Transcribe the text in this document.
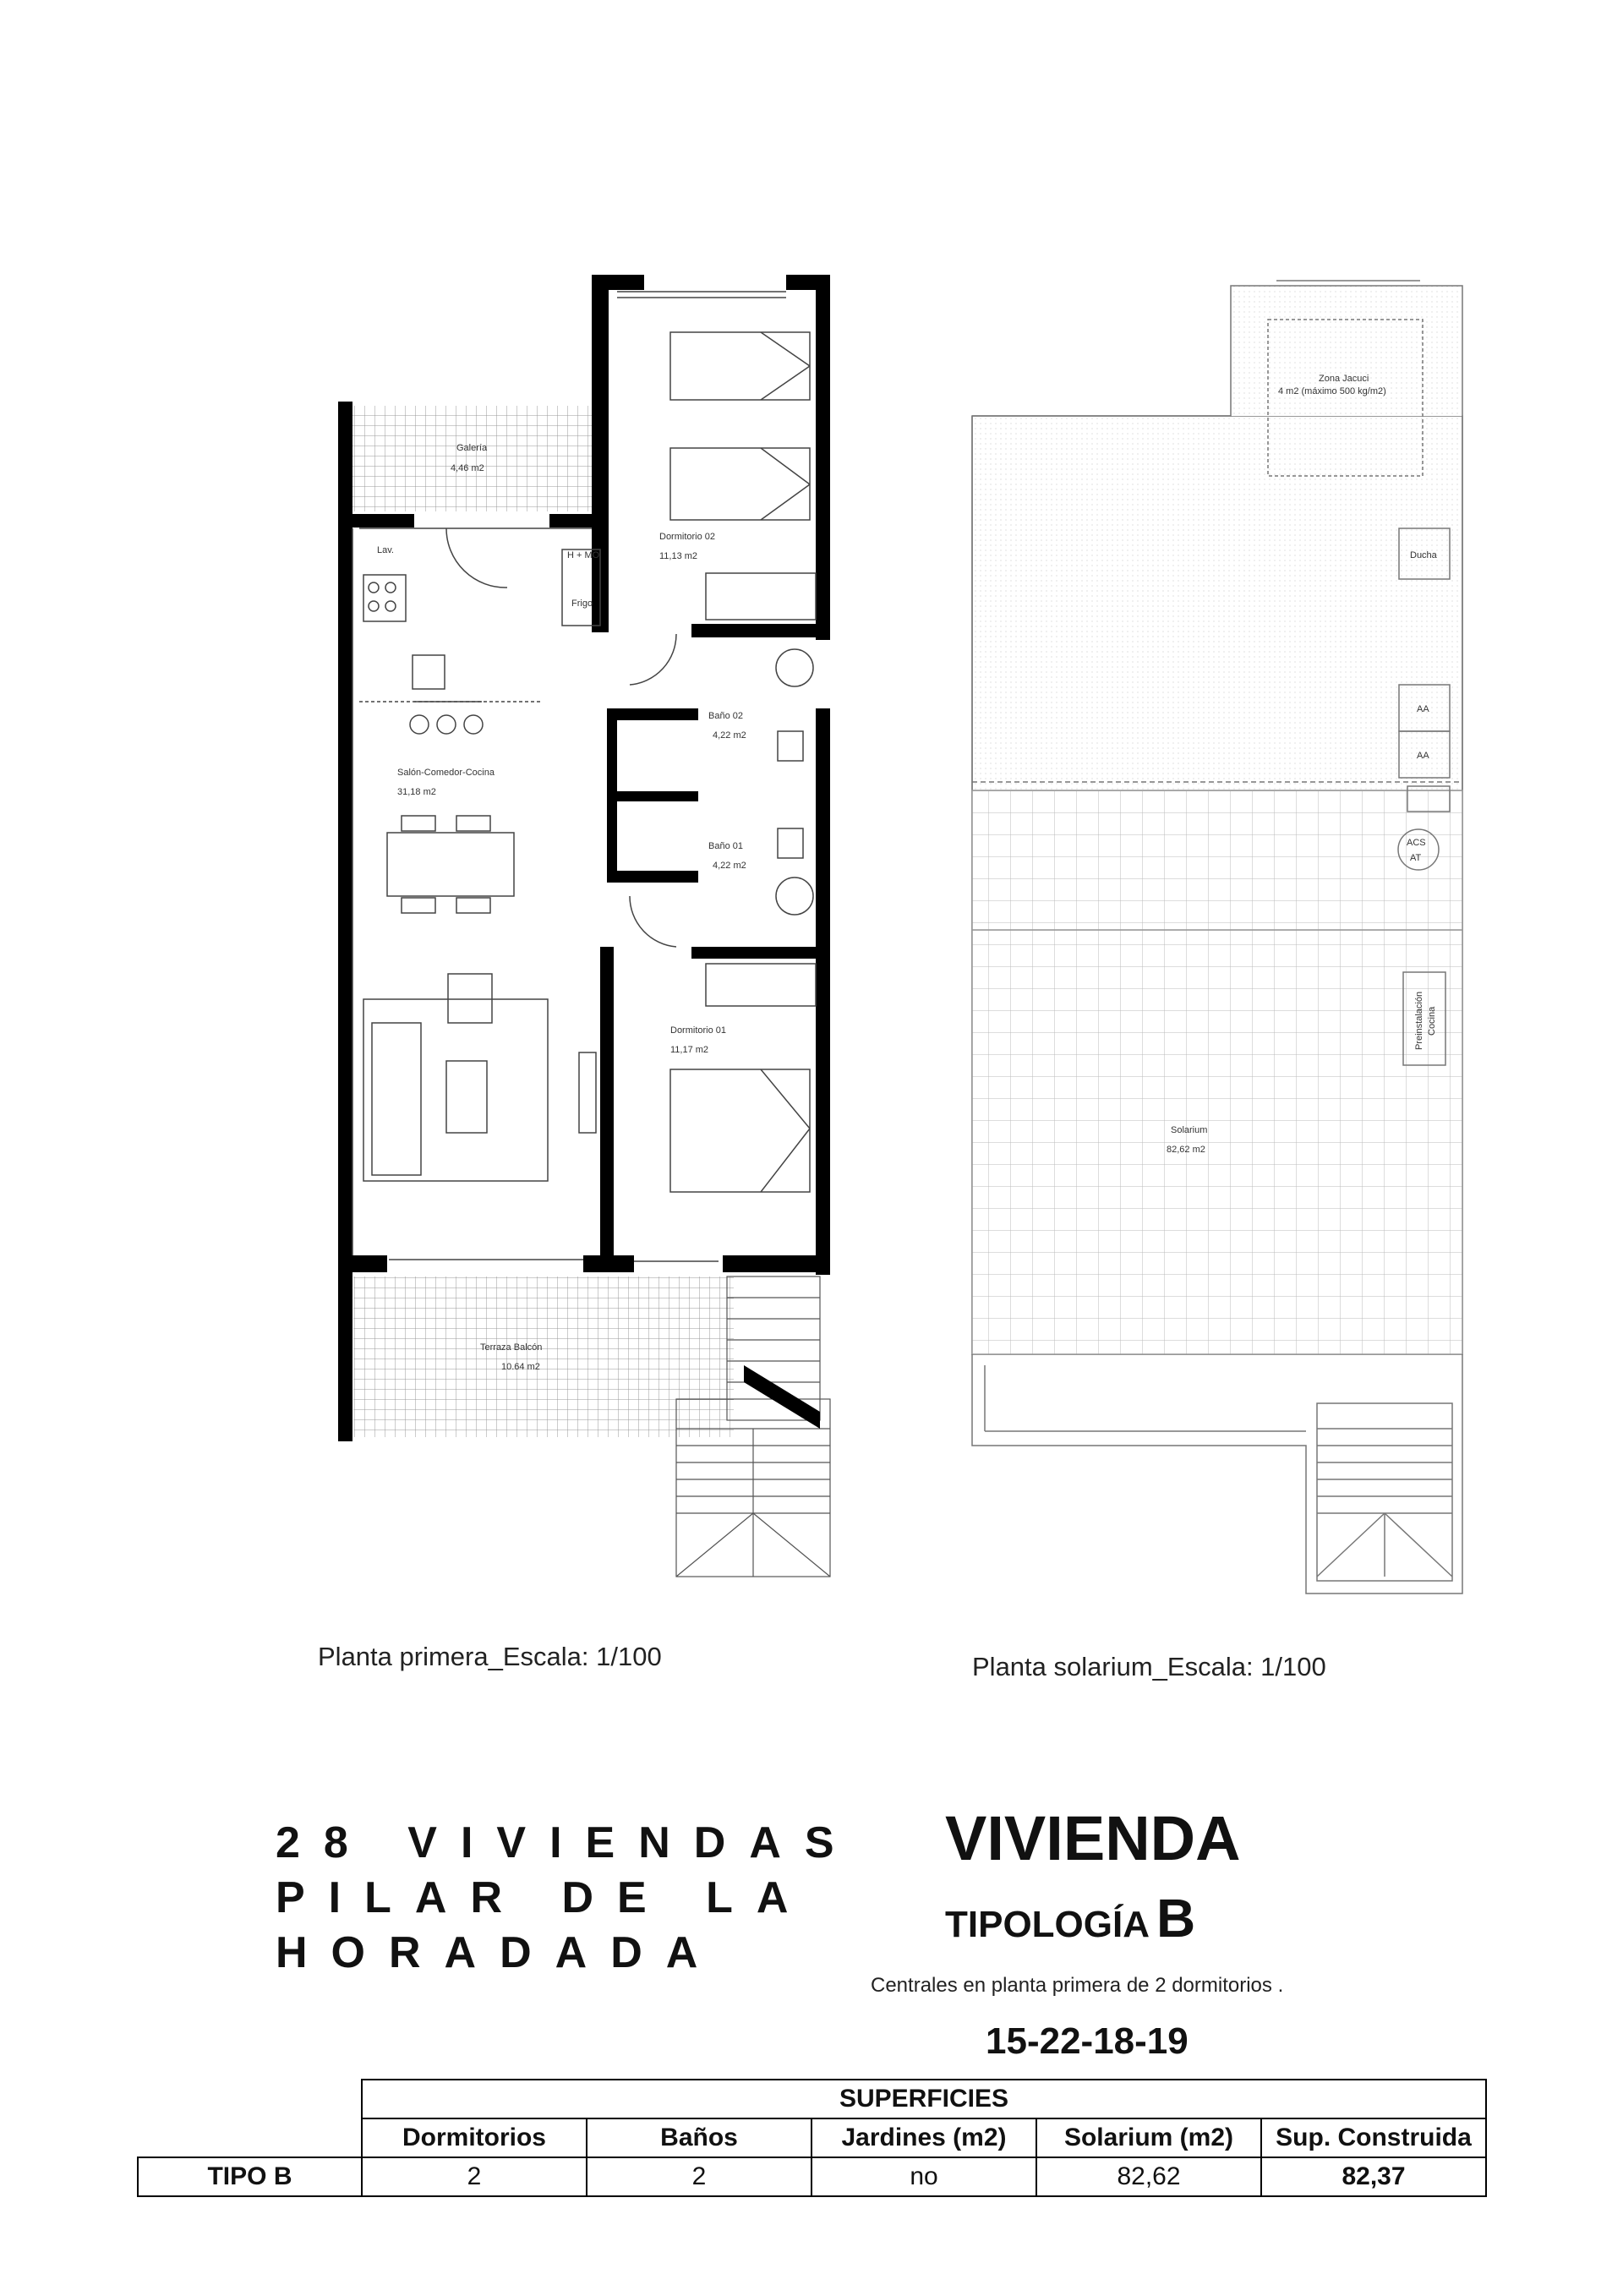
Galería
4,46 m2
Dormitorio 02
11,13 m2
Salón-Comedor-Cocina
31,18 m2
Baño 02
4,22 m2
Baño 01
4,22 m2
Dormitorio 01
11,17 m2
Terraza Balcón
10.64 m2
Lav.	H + MO
Frigo
Zona Jacuci
4 m2 (máximo 500 kg/m2)
Ducha
AA
AA
ACS
AT
Preinstalación Cocina
Solarium
82,62 m2
Planta primera_Escala: 1/100	Planta solarium_Escala: 1/100
28 VIVIENDAS
PILAR DE LA
HORADADA
VIVIENDA
TIPOLOGÍA B
Centrales en planta primera de 2 dormitorios .
15-22-18-19
	SUPERFICIES				
	Dormitorios	Baños	Jardines (m2)	Solarium (m2)	Sup. Construida
TIPO B	2	2	no	82,62	82,37
